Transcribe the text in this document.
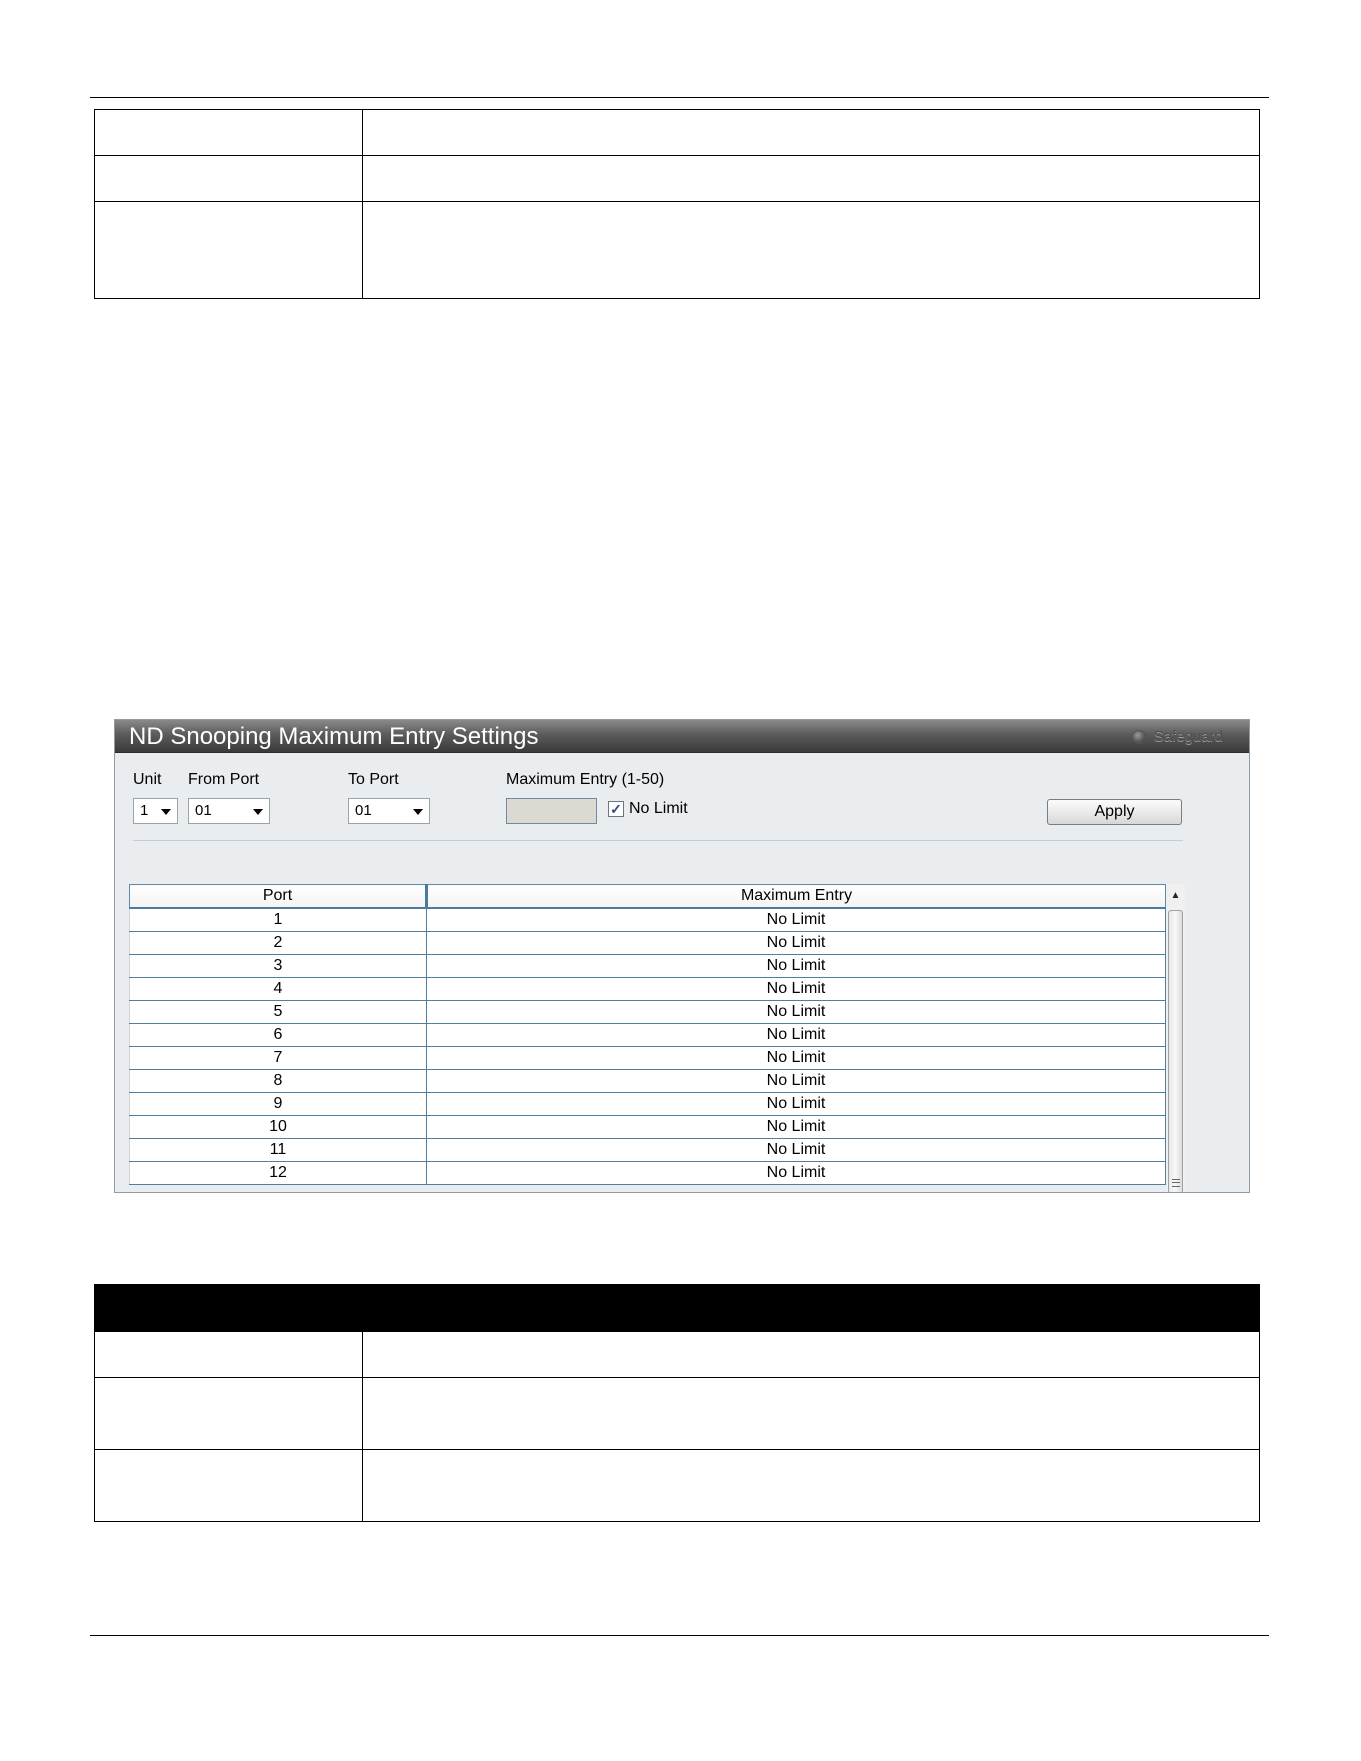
ND Snooping Maximum Entry Settings	Safeguard
Unit From Port	To Port	Maximum Entry (1-50)
1	01	01	✓ No Limit	Apply
Port	Maximum Entry
1	No Limit
2	No Limit
3	No Limit
4	No Limit
5	No Limit
6	No Limit
7	No Limit
8	No Limit
9	No Limit
10	No Limit
11	No Limit
12	No Limit
▲
